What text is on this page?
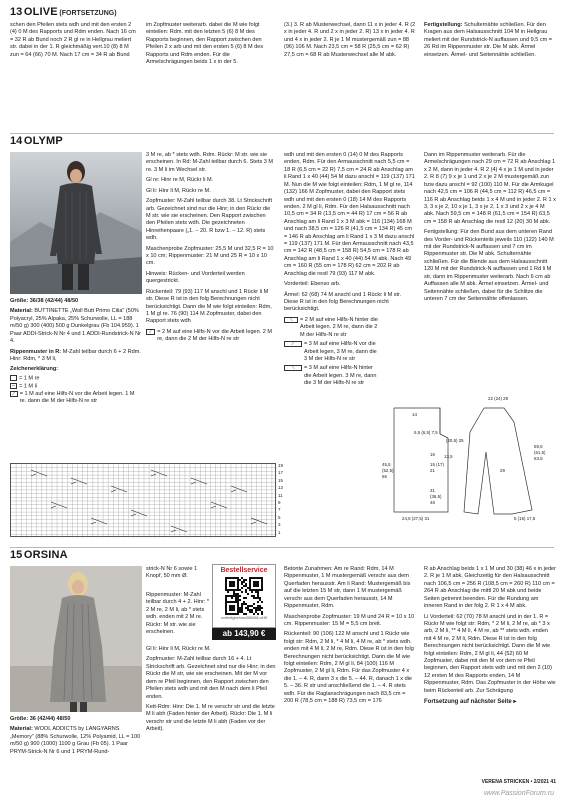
13 OLIVE (FORTSETZUNG)
schen den Pfeilen stets wdh und mit den ersten 2 (4) 0 M des Rapports und Rdm enden. Nach 16 cm = 32 R ab Bund noch 2 R gl re in Hellgrau meliert str. dabei in der 1. R gleichmäßig vert.10 (8) 8 M zun = 64 (66) 70 M. Nach 17 cm = 34 R ab Bund
im Zopfmuster weiterarb. dabei die M wie folgt einteilen: Rdm. mit den letzten 5 (6) 8 M des Rapports beginnen, den Rapport zwischen den Pfeilen 2 x arb und mit den ersten 5 (6) 8 M des Rapports und Rdm enden. Für die Armelschrägungen beids 1 x in der 5.
(3.) 3. R ab Musterwechsel, dann 11 x in jeder 4. R (2 x in jeder 4. R und 2 x in jeder 2. R) 13 x in jeder 4. R und 4 x in jeder 2. R je 1 M mustergemäß zun = 88 (96) 106 M. Nach 23,5 cm = 58 R (25,5 cm = 62 R) 27,5 cm = 68 R ab Musterwechsel alle M abk.
Fertigstellung: Schulternähte schließen. Für den Kragen aus dem Halsausschnitt 104 M in Hellgrau meliert mit der Rundstrick-N auffassen und 9,5 cm = 26 Rd im Rippenmuster str. Die M abk. Ärmel einsetzen. Ärmel- und Seitennähte schließen.
14 OLYMP

Größe: 36/38 (42/44) 48/50

Material: BUTTINETTE „Woll Butt Primo Cilia" (50% Polyacryl, 25% Alpaka, 25% Schurwolle, LL = 188 m/50 g) 300 (400) 500 g Dunkelgrau (Fb 104.959). 1 Paar ADDI-Strick-N Nr 4 und 1 ADDI-Rundstrick-N Nr 4.

Rippenmuster in R: M-Zahl teilbar durch 6 + 2 Rdm. Hinr: Rdm, * 3 M li,

Zeichenerklärung:

= 1 M re
– = 1 M li
⟋ = 1 M auf eine Hilfs-N vor die Arbeit legen. 1 M re. dann die M der Hilfs-N re str

3 M re, ab * stets wdh. Rdm. Rückr: M str. wie sie erscheinen. In Rd: M-Zahl teilbar durch 6. Stets 3 M re. 3 M li im Wechsel str.

Gl re: Hinr re M, Rückr li M.

Gl li: Hinr li M, Rückr re M.

Zopfmuster: M-Zahl teilbar durch 38. Lt Strickschrift arb. Gezeichnet sind nur die Hinr; in den Rückr die M str. wie sie erscheinen. Den Rapport zwischen den Pfeilen stets wdh. Die gezeichneten Hinreihenpaare („1. – 20. R bzw 1. – 12. R) stets wdh.

Maschenprobe Zopfmuster: 25,5 M und 32,5 R = 10 x 10 cm; Rippenmuster: 21 M und 25 R = 10 x 10 cm.

Hinweis: Rücken- und Vorderteil werden quergestrickt.

Rückenteil: 79 (93) 117 M anschl und 1 Rückr li M str. Diese R ist in den folg Berechnungen nicht berücksichtigt. Dann die M wie folgt einteilen: Rdm, 1 M gl re. 76 (90) 114 M Zopfmuster, dabei den Rapport stets wdh

⟋ = 2 M auf eine Hilfs-N vor die Arbeit legen. 2 M re, dann die 2 M der Hilfs-N re str
19
17
15
13
11
9
7
5
3
1

wdh und mit den ersten 0 (14) 0 M des Rapports enden, Rdm. Für den Armausschnitt nach 5,5 cm = 18 R (6,5 cm = 22 R) 7,5 cm = 24 R ab Anschlag am li Rand 1 x 40 (44) 54 M dazu anschl = 119 (137) 171 M. Nun die M wie folgt einteilen: Rdm, 1 M gl re, 114 (132) 166 M Zopfmuster, dabei den Rapport stets wdh und mit den ersten 0 (18) 14 M des Rapports enden. 2 M gl li, Rdm. Für den Halsausschnitt nach 10,5 cm = 34 R (13,5 cm = 44 R) 17 cm = 56 R ab Anschlag am li Rand 1 x 3 M abk = 116 (134) 168 M und nach 38,5 cm = 126 R (41,5 cm = 134 R) 45 cm = 146 R ab Anschlag am li Rand 1 x 3 M dazu anschl = 119 (137) 171 M. Für den Armausschnitt nach 43,5 cm = 142 R (48,5 cm = 158 R) 54,5 cm = 178 R ab Anschlag am li Rand 1 x 40 (44) 54 M abk. Nach 49 cm = 160 R (55 cm = 178 R) 62 cm = 202 R ab Anschlag die restl 79 (93) 117 M abk.

Vorderteil: Ebenso arb.

Ärmel: 62 (68) 74 M anschl und 1 Rückr li M str. Diese R ist in den folg Berechnungen nicht berücksichtigt.

⟍	= 2 M auf eine Hilfs-N hinter die Arbeit legen. 2 M re, dann die 2 M der Hilfs-N re str
⟋	= 3 M auf eine Hilfs-N vor die Arbeit legen, 3 M re, dann die 3 M der Hilfs-N re str
⟍	= 3 M auf eine Hilfs-N hinter die Arbeit legen. 3 M re, dann die 3 M der Hilfs-N re str
14
5,5 (6,5) 7,5
16
(20,5) 25
15 (17) 21
13,5
45,5 (52,5) 66
31 (36,5) 46
24,5 (27,5) 31
22 (24) 29
59,5 (61,5) 63,5
29
5 (16) 17,5

Dann im Rippenmuster weiterarb. Für die Armelschrägungen nach 29 cm = 72 R ab Anschlag 1 x 2 M, dann in jeder 4. R 2 (4) 4 x je 1 M und in jeder 2. R 8 (7) 9 x je 1 und 2 x je 2 M mustergemäß zun bzw dazu anschl = 92 (100) 110 M. Für die Armkugel nach 42,5 cm = 106 R (44,5 cm = 112 R) 46,5 cm = 116 R ab Anschlag beids 1 x 4 M und in jeder 2. R 1 x 3, 3 x je 2, 10 x je 1, 3 x je 2, 1 x 3 und 2 x je 4 M abk. Nach 59,5 cm = 148 R (61,5 cm = 154 R) 63,5 cm = 158 R ab Anschlag die restl 12 (20) 30 M abk.

Fertigstellung: Für den Bund aus dem unteren Rand des Vorder- und Rückenteils jeweils 110 (122) 140 M mit der Rundstrick-N auffassen und 7 cm im Rippenmuster str. Die M abk. Schulternähte schließen. Für die Blende aus dem Halsausschnitt 120 M mit der Rundstrick-N auffassen und 1 Rd li M str, dann im Rippenmuster weiterarb. Nach 6 cm ab Auffassen alle M abk. Ärmel einsetzen. Ärmel- und Seitennähte schließen, dabei für die Schlitze die unteren 7 cm der Seitennähte offenlassen.

15 ORSINA

Größe: 36 (42/44) 48/50

Material: WOOL ADDICTS by LANGYARNS „Memory" (88% Schurwolle, 12% Polyamid, LL = 100 m/50 g) 900 (1000) 1100 g Grau (Fb 05). 1 Paar PRYM-Strick-N Nr 6 und 1 PRYM-Rund-

strick-N Nr 6 sowie 1 Knopf, 50 mm Ø.
Bestellservice
vorfertigbeh/es065066-oHS
ab 143,90 €

Rippenmuster: M-Zahl teilbar durch 4 + 2. Hinr: * 2 M re, 2 M li, ab * stets wdh. enden mit 2 M re. Rückr: M str. wie sie erscheinen.

Gl li: Hinr li M, Rückr re M.

Zopfmuster: M-Zahl teilbar durch 16 + 4. Lt Strickschrift arb. Gezeichnet sind nur die Hinr; in den Rückr die M str, wie sie erscheinen. Mit der M vor dem re Pfeil beginnen, den Rapport zwischen den Pfeilen stets wdh und mit den M nach dem li Pfeil enden.

Kett-Rdm: Hinr: Die 1. M re verschr str und die letzte M li abh (Faden hinter der Arbeit). Rückr: Die 1. M li verschr str und die letzte M li abh (Faden vor der Arbeit).

Betonte Zunahmen: Am re Rand: Rdm, 14 M Rippenmuster, 1 M mustergemäß verschr aus dem Querfaden herausstr. Am li Rand: Mustergemäß bis auf die letzten 15 M str, dann 1 M mustergemäß verschr aus dem Querfaden herausstr, 14 M Rippenmuster, Rdm.

Maschenprobe Zopfmuster: 19 M und 24 R = 10 x 10 cm. Rippenmuster: 15 M = 5,5 cm breit.

Rückenteil: 90 (106) 122 M anschl und 1 Rückr wie folgt str: Rdm, 2 M li, * 4 M li, 4 M re, ab * stets wdh. enden mit 4 M li, 2 M re, Rdm. Diese R ist in den folg Berechnungen nicht berücksichtigt. Dann die M wie folgt einteilen: Rdm, 2 M gl li, 84 (100) 116 M Zopfmuster, 2 M gl li, Rdm. Für das Zopfmuster 4 x die 1. – 4. R, dann 3 x die 5. – 44. R, danach 1 x die 5. – 36. R str und anschließend die 1. – 4. R stets wdh. Für die Raglanschrägungen nach 83,5 cm = 200 R (78,5 cm = 188 R) 73,5 cm = 176

R ab Anschlag beids 1 x 1 M und 30 (38) 46 x in jeder 2. R je 1 M abk. Gleichzeitig für den Halsausschnitt nach 106,5 cm = 256 R (108,5 cm = 260 R) 110 cm = 264 R ab Anschlag die mittl 20 M abk und beide Seiten getrennt beenden. Für die Rundung am inneren Rand in der folg 2. R 1 x 4 M abk.

Li Vorderteil: 62 (70) 78 M anschl und in der 1. R = Rückr M wie folgt str: Rdm, * 2 M li, 2 M re, ab * 3 x arb, 2 M li, ** 4 M li, 4 M re, ab ** stets wdh. enden mit 4 M re, 2 M li, Rdm. Diese R ist in den folg Berechnungen nicht berücksichtigt. Dann die M wie folgt einteilen: Rdm, 2 M gl li, 44 (52) 60 M Zopfmuster, dabei mit den M vor dem re Pfeil beginnen, den Rapport stets wdh und mit den 2 (10) 12 ersten M des Rapports enden, 14 M Rippenmuster, Rdm. Das Zopfmuster in der Höhe wie beim Rückenteil arb. Zur Schrägung

Fortsetzung auf nächster Seite ▸

VERENA STRICKEN • 2/2021 41
www.PassionForum.ru
